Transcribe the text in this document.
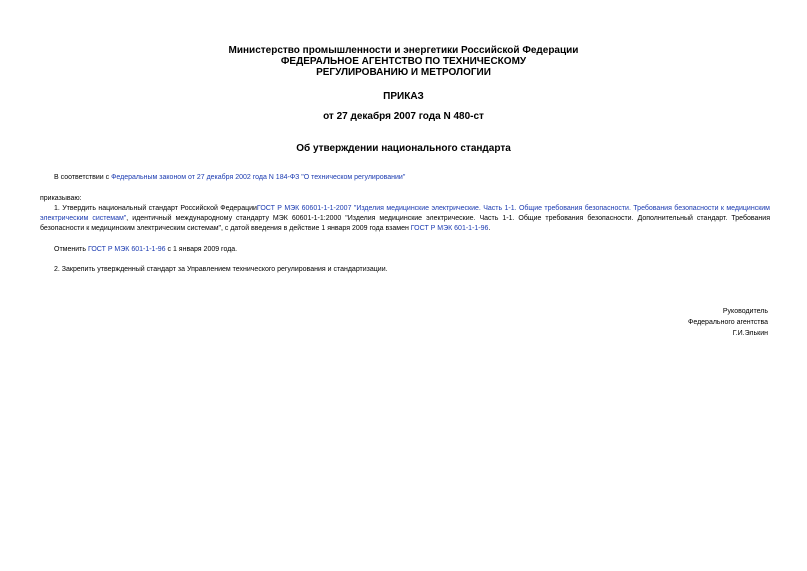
Министерство промышленности и энергетики Российской Федерации
ФЕДЕРАЛЬНОЕ АГЕНТСТВО ПО ТЕХНИЧЕСКОМУ
РЕГУЛИРОВАНИЮ И МЕТРОЛОГИИ
ПРИКАЗ
от 27 декабря 2007 года N 480-ст
Об утверждении национального стандарта
В соответствии с Федеральным законом от 27 декабря 2002 года N 184-ФЗ "О техническом регулировании"
приказываю:
1. Утвердить национальный стандарт Российской ФедерацииГОСТ Р МЭК 60601-1-1-2007 "Изделия медицинские электрические. Часть 1-1. Общие требования безопасности. Требования безопасности к медицинским электрическим системам", идентичный международному стандарту МЭК 60601-1-1:2000 "Изделия медицинские электрические. Часть 1-1. Общие требования безопасности. Дополнительный стандарт. Требования безопасности к медицинским электрическим системам", с датой введения в действие 1 января 2009 года взамен ГОСТ Р МЭК 601-1-1-96.
Отменить ГОСТ Р МЭК 601-1-1-96 с 1 января 2009 года.
2. Закрепить утвержденный стандарт за Управлением технического регулирования и стандартизации.
Руководитель
Федерального агентства
Г.И.Элькин
